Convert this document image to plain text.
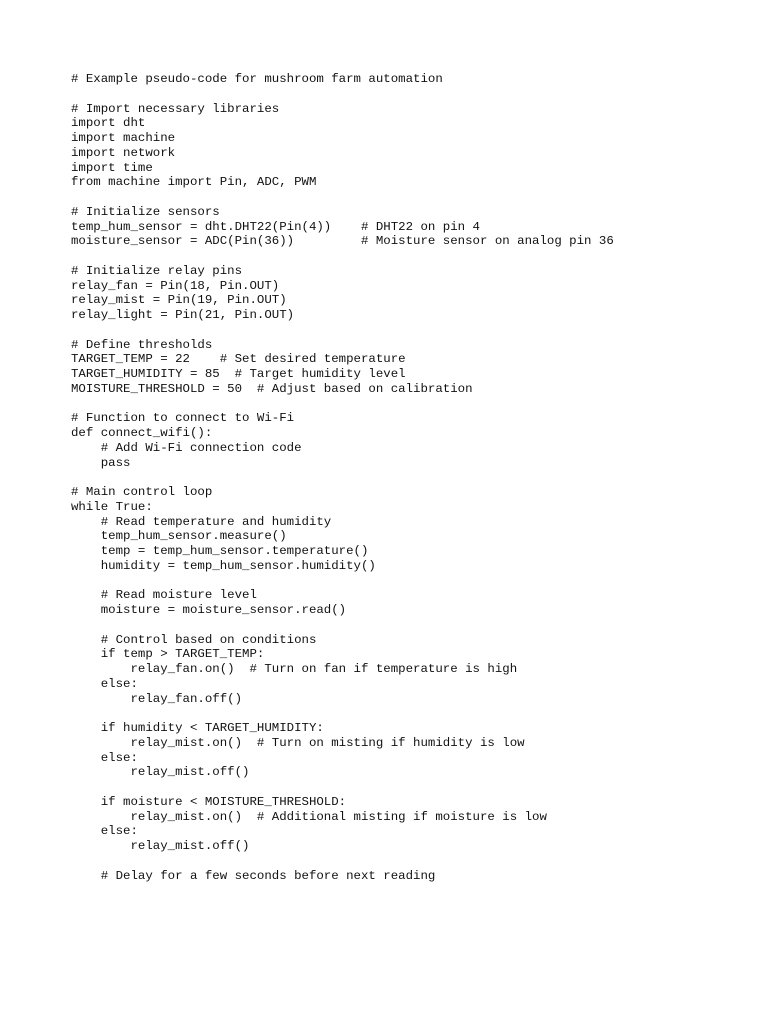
# Example pseudo-code for mushroom farm automation
# Import necessary libraries
import dht
import machine
import network
import time
from machine import Pin, ADC, PWM
# Initialize sensors
temp_hum_sensor = dht.DHT22(Pin(4))    # DHT22 on pin 4
moisture_sensor = ADC(Pin(36))         # Moisture sensor on analog pin 36
# Initialize relay pins
relay_fan = Pin(18, Pin.OUT)
relay_mist = Pin(19, Pin.OUT)
relay_light = Pin(21, Pin.OUT)
# Define thresholds
TARGET_TEMP = 22    # Set desired temperature
TARGET_HUMIDITY = 85  # Target humidity level
MOISTURE_THRESHOLD = 50  # Adjust based on calibration
# Function to connect to Wi-Fi
def connect_wifi():
# Add Wi-Fi connection code
pass
# Main control loop
while True:
# Read temperature and humidity
temp_hum_sensor.measure()
temp = temp_hum_sensor.temperature()
humidity = temp_hum_sensor.humidity()
# Read moisture level
moisture = moisture_sensor.read()
# Control based on conditions
if temp > TARGET_TEMP:
relay_fan.on()  # Turn on fan if temperature is high
else:
relay_fan.off()
if humidity < TARGET_HUMIDITY:
relay_mist.on()  # Turn on misting if humidity is low
else:
relay_mist.off()
if moisture < MOISTURE_THRESHOLD:
relay_mist.on()  # Additional misting if moisture is low
else:
relay_mist.off()
# Delay for a few seconds before next reading
